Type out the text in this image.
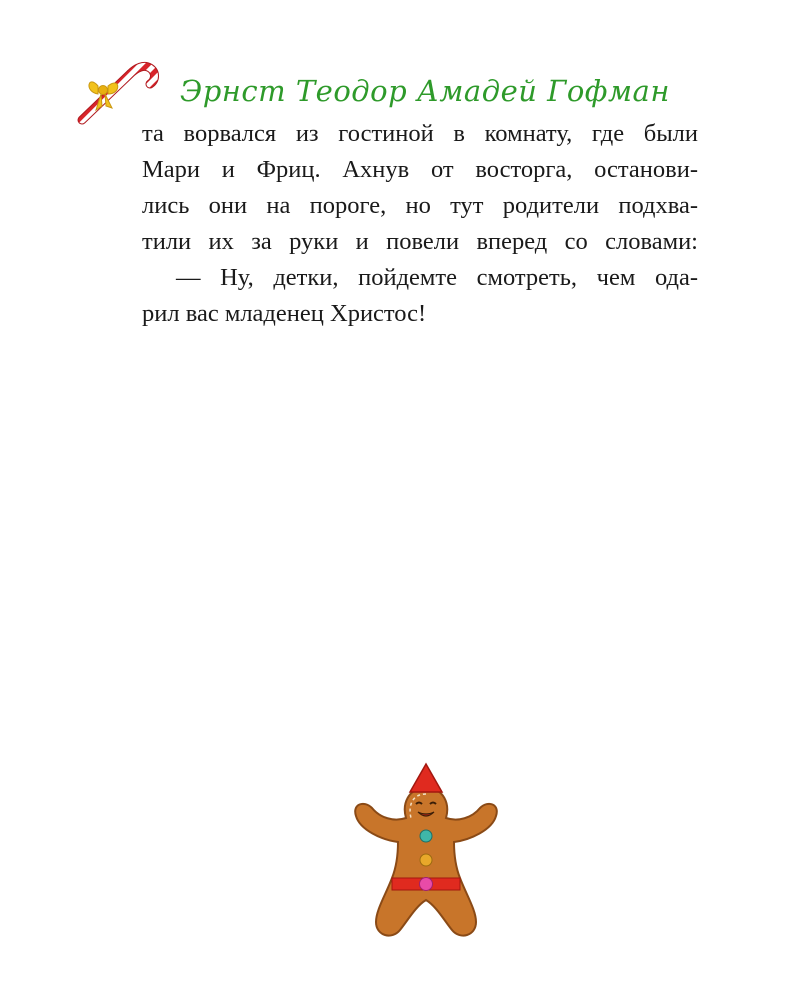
Эрнст Теодор Амадей Гофман
та ворвался из гостиной в комнату, где были
Мари и Фриц. Ахнув от восторга, останови-
лись они на пороге, но тут родители подхва-
тили их за руки и повели вперед со словами:
— Ну, детки, пойдемте смотреть, чем ода-
рил вас младенец Христос!
